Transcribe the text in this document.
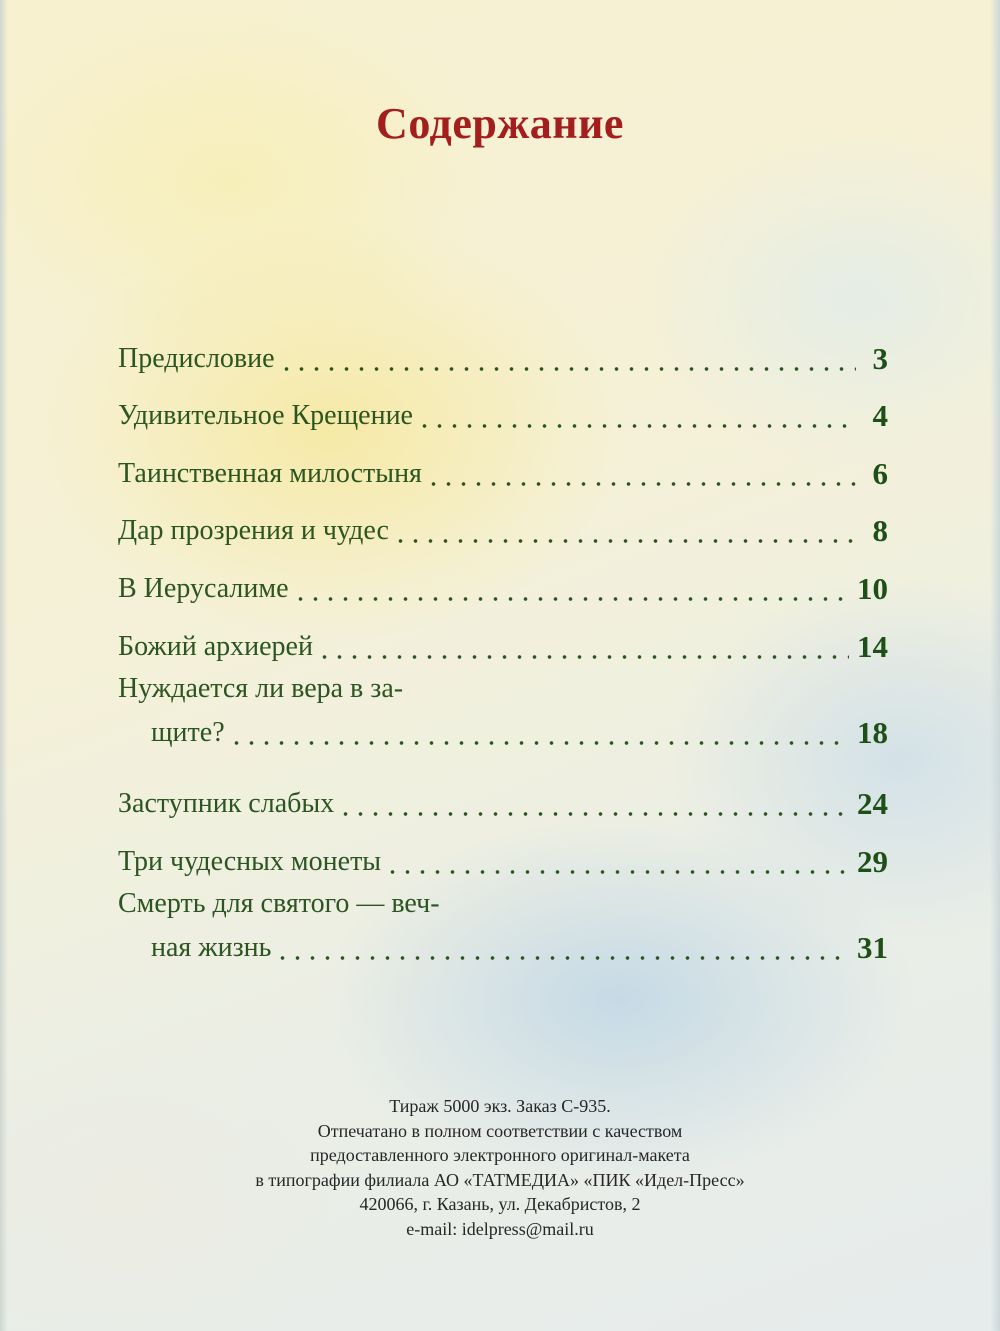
Содержание
Предисловие	3
Удивительное Крещение	4
Таинственная милостыня	6
Дар прозрения и чудес	8
В Иерусалиме	10
Божий архиерей	14
Нуждается ли вера в за-
щите?	18
Заступник слабых	24
Три чудесных монеты	29
Смерть для святого — веч-
ная жизнь	31
Тираж 5000 экз. Заказ С-935.
Отпечатано в полном соответствии с качеством
предоставленного электронного оригинал-макета
в типографии филиала АО «ТАТМЕДИА» «ПИК «Идел-Пресс»
420066, г. Казань, ул. Декабристов, 2
e-mail: idelpress@mail.ru
